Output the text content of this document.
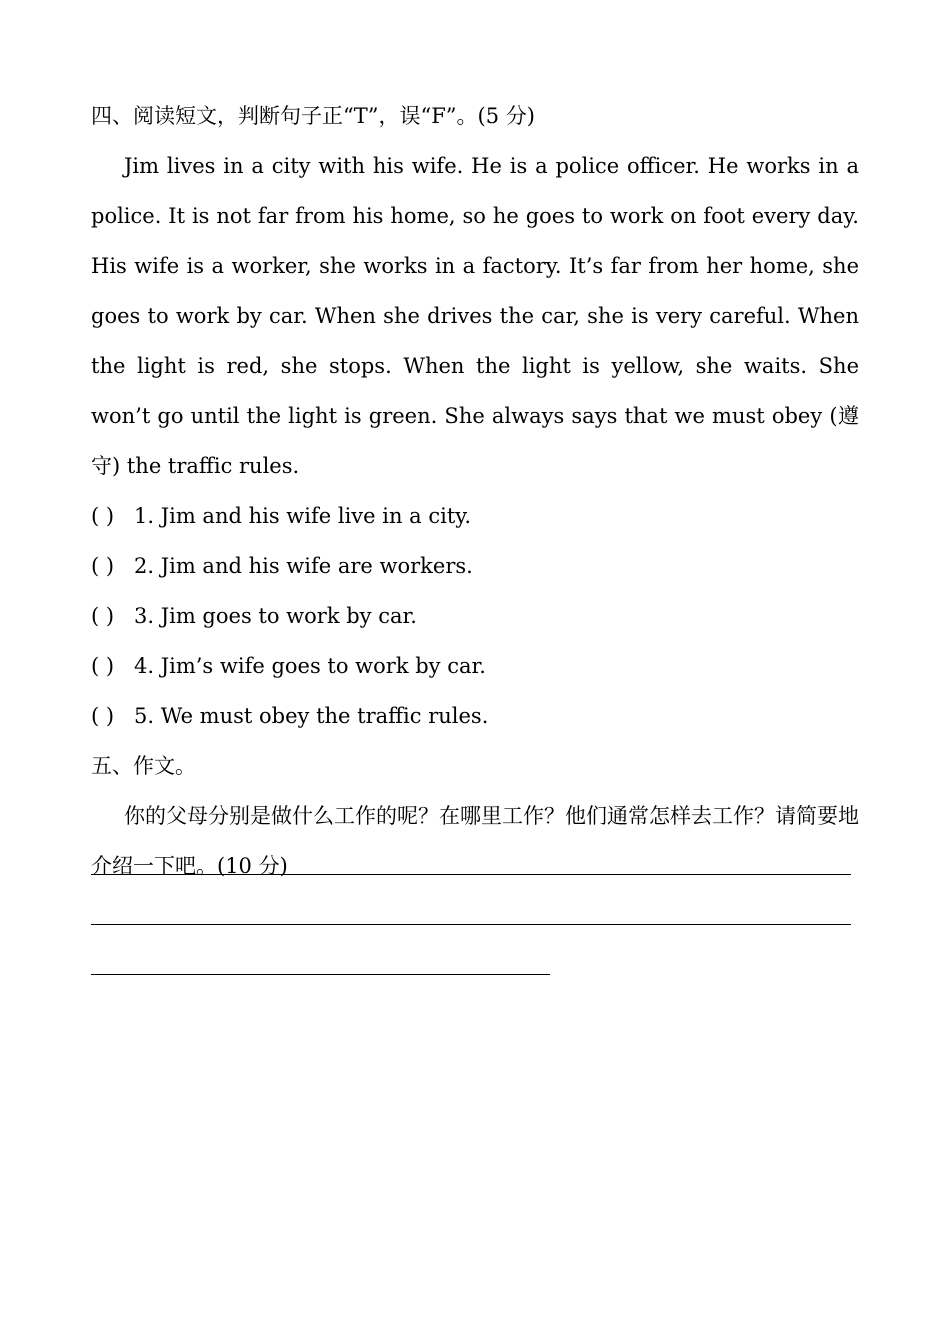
四、阅读短文，判断句子正“T”，误“F”。(5 分)

Jim lives in a city with his wife. He is a police officer. He works in a police. It is not far from his home, so he goes to work on foot every day. His wife is a worker, she works in a factory. It’s far from her home, she goes to work by car. When she drives the car, she is very careful. When the light is red, she stops. When the light is yellow, she waits. She won’t go until the light is green. She always says that we must obey (遵守) the traffic rules.

( ) 1. Jim and his wife live in a city.
( ) 2. Jim and his wife are workers.
( ) 3. Jim goes to work by car.
( ) 4. Jim’s wife goes to work by car.
( ) 5. We must obey the traffic rules.
五、作文。

你的父母分别是做什么工作的呢？在哪里工作？他们通常怎样去工作？请简要地介绍一下吧。(10 分)
